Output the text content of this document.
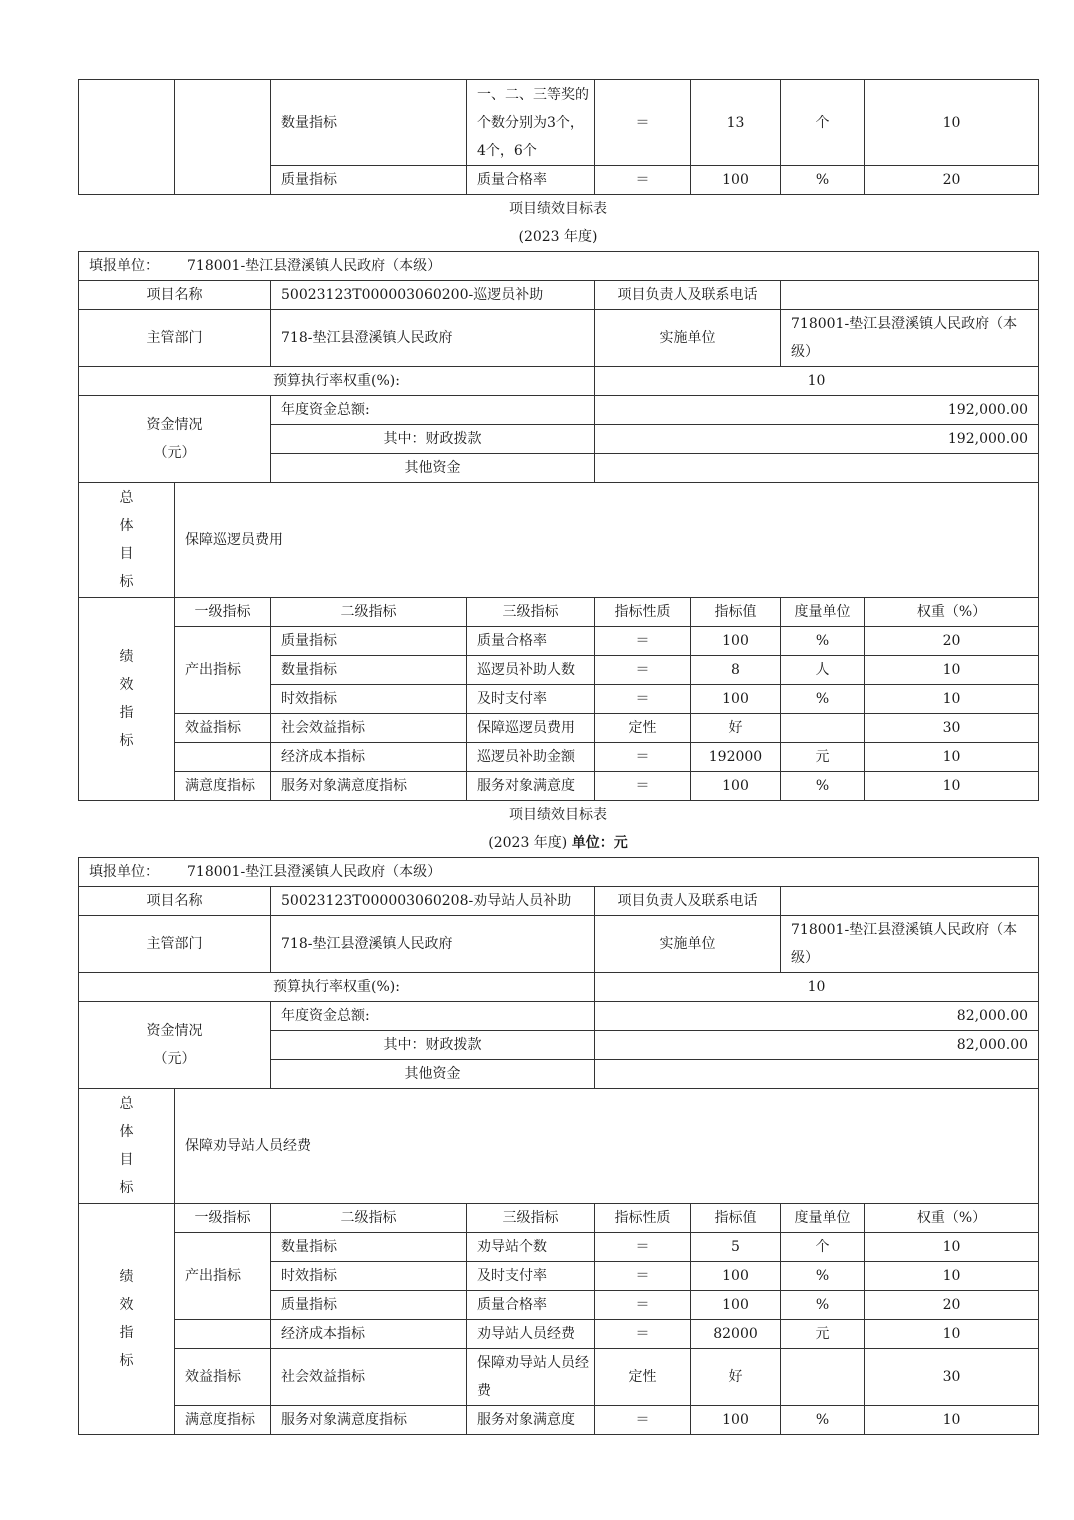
		数量指标	一、二、三等奖的个数分别为3个，4个，6个	＝	13	个	10
		质量指标	质量合格率	＝	100	%	20
项目绩效目标表
(2023 年度)
填报单位： 718001-垫江县澄溪镇人民政府（本级）							
项目名称		50023123T000003060200-巡逻员补助		项目负责人及联系电话			
主管部门		718-垫江县澄溪镇人民政府		实施单位		718001-垫江县澄溪镇人民政府（本级）	
预算执行率权重(%):				10			

资金情况
（元）		年度资金总额:		192,000.00			
		其中：财政拨款		192,000.00			
		其他资金					

总
体
目
标	保障巡逻员费用						

绩
效
指
标	一级指标	二级指标	三级指标	指标性质	指标值	度量单位	权重（%）
	产出指标	质量指标	质量合格率	＝	100	%	20
		数量指标	巡逻员补助人数	＝	8	人	10
		时效指标	及时支付率	＝	100	%	10
	效益指标	社会效益指标	保障巡逻员费用	定性	好		30
		经济成本指标	巡逻员补助金额	＝	192000	元	10
	满意度指标	服务对象满意度指标	服务对象满意度	＝	100	%	10
项目绩效目标表
(2023 年度) 单位：元
填报单位： 718001-垫江县澄溪镇人民政府（本级）							
项目名称		50023123T000003060208-劝导站人员补助		项目负责人及联系电话			
主管部门		718-垫江县澄溪镇人民政府		实施单位		718001-垫江县澄溪镇人民政府（本级）	
预算执行率权重(%):				10			

资金情况
（元）		年度资金总额:		82,000.00			
		其中：财政拨款		82,000.00			
		其他资金					

总
体
目
标	保障劝导站人员经费						

绩
效
指
标	一级指标	二级指标	三级指标	指标性质	指标值	度量单位	权重（%）
	产出指标	数量指标	劝导站个数	＝	5	个	10
		时效指标	及时支付率	＝	100	%	10
		质量指标	质量合格率	＝	100	%	20
		经济成本指标	劝导站人员经费	＝	82000	元	10
	效益指标	社会效益指标	保障劝导站人员经费	定性	好		30
	满意度指标	服务对象满意度指标	服务对象满意度	＝	100	%	10
